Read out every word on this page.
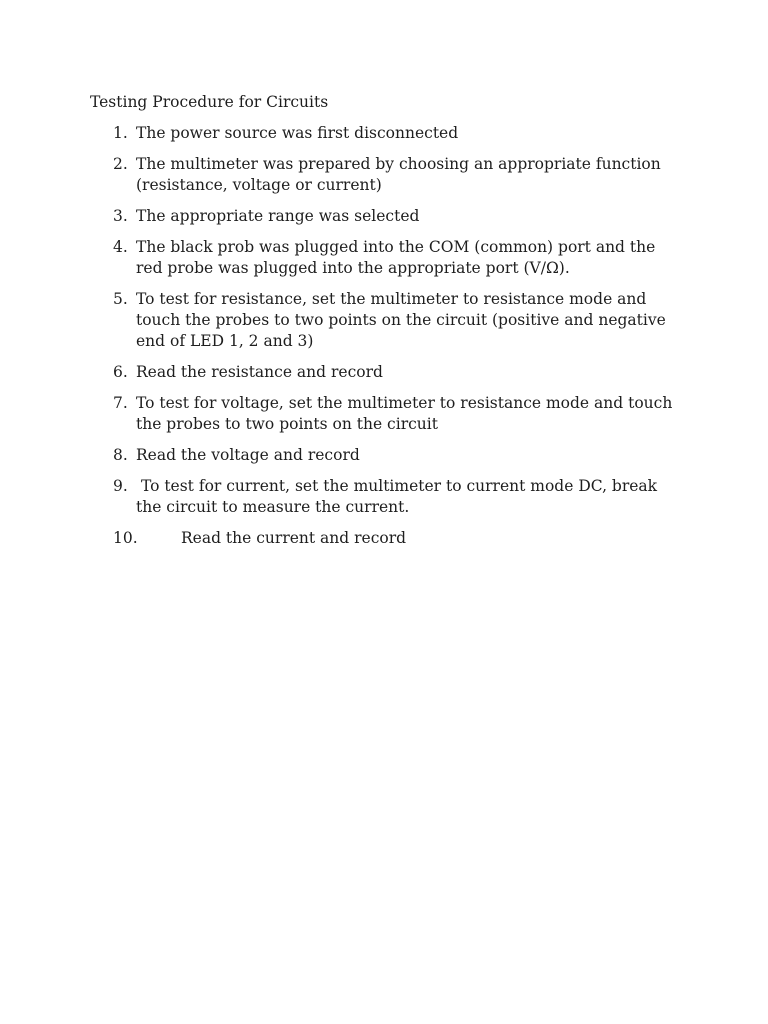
Testing Procedure for Circuits
1. The power source was first disconnected
2. The multimeter was prepared by choosing an appropriate function (resistance, voltage or current)
3. The appropriate range was selected
4. The black prob was plugged into the COM (common) port and the red probe was plugged into the appropriate port (V/Ω).
5. To test for resistance, set the multimeter to resistance mode and touch the probes to two points on the circuit (positive and negative end of LED 1, 2 and 3)
6. Read the resistance and record
7. To test for voltage, set the multimeter to resistance mode and touch the probes to two points on the circuit
8. Read the voltage and record
9. To test for current, set the multimeter to current mode DC, break the circuit to measure the current.
10.	Read the current and record
